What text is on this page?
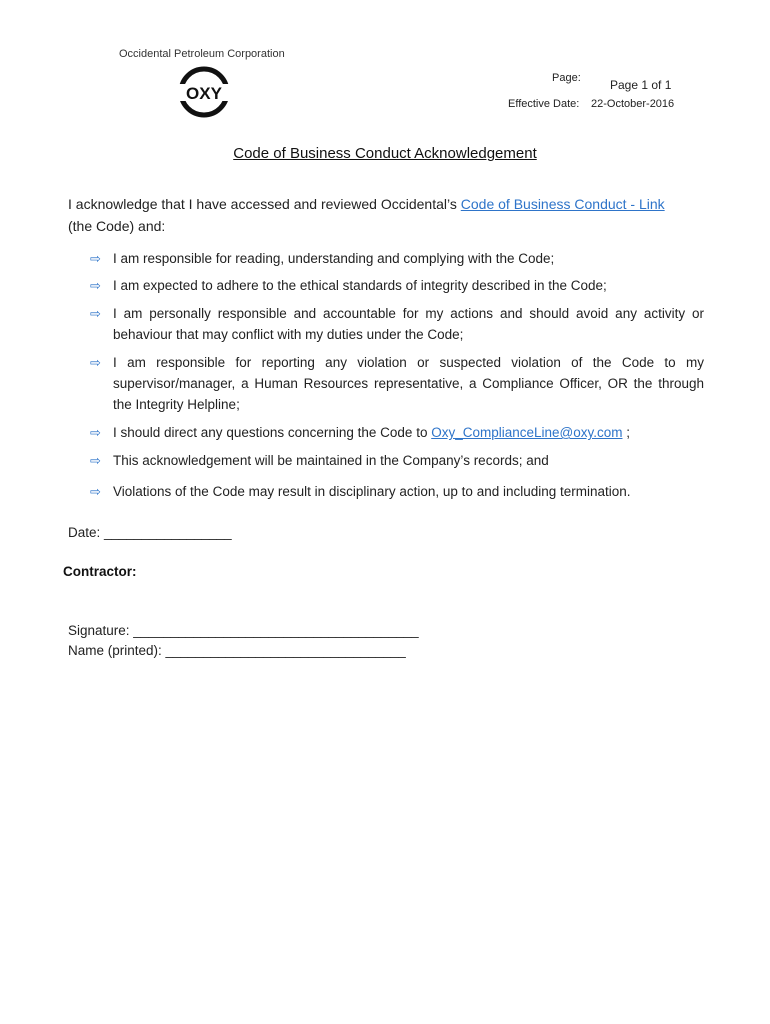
Occidental Petroleum Corporation
OXY
Page: Page 1 of 1
Effective Date: 22-October-2016
Code of Business Conduct Acknowledgement
I acknowledge that I have accessed and reviewed Occidental’s Code of Business Conduct - Link
(the Code) and:
⇨ I am responsible for reading, understanding and complying with the Code;
⇨ I am expected to adhere to the ethical standards of integrity described in the Code;
⇨ I am personally responsible and accountable for my actions and should avoid any activity or behaviour that may conflict with my duties under the Code;
⇨ I am responsible for reporting any violation or suspected violation of the Code to my supervisor/manager, a Human Resources representative, a Compliance Officer, OR the through the Integrity Helpline;
⇨ I should direct any questions concerning the Code to Oxy_ComplianceLine@oxy.com ;
⇨ This acknowledgement will be maintained in the Company’s records; and
⇨ Violations of the Code may result in disciplinary action, up to and including termination.
Date: _________________
Contractor:
Signature: ______________________________________
Name (printed): ________________________________
